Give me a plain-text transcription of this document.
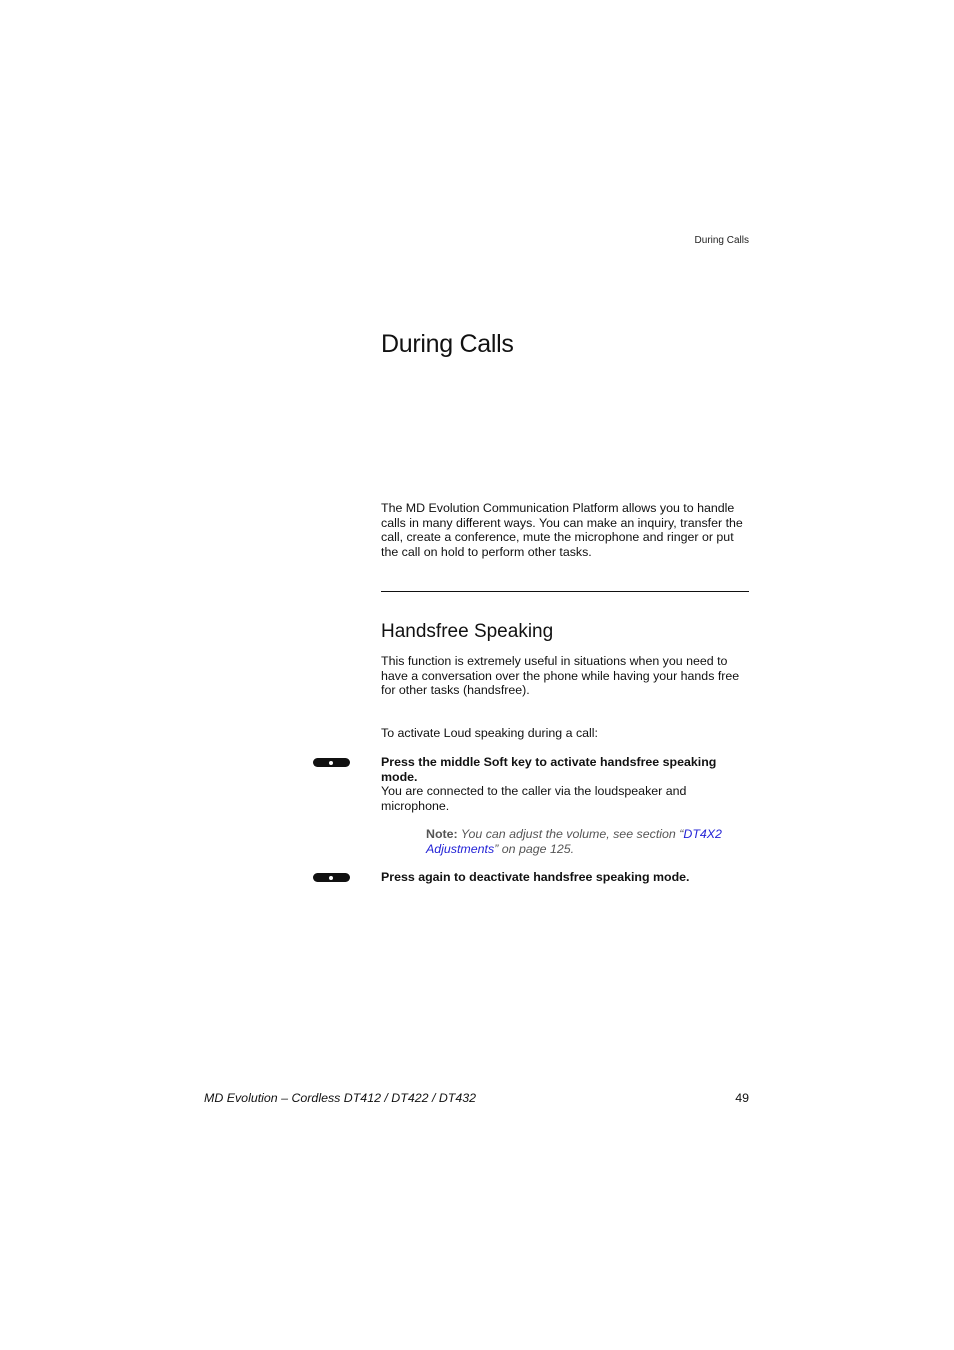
During Calls
During Calls

The MD Evolution Communication Platform allows you to handle calls in many different ways. You can make an inquiry, transfer the call, create a conference, mute the microphone and ringer or put the call on hold to perform other tasks.

Handsfree Speaking

This function is extremely useful in situations when you need to have a conversation over the phone while having your hands free for other tasks (handsfree).

To activate Loud speaking during a call:

Press the middle Soft key to activate handsfree speaking mode.
You are connected to the caller via the loudspeaker and microphone.

Note: You can adjust the volume, see section “DT4X2 Adjustments” on page 125.

Press again to deactivate handsfree speaking mode.
MD Evolution – Cordless DT412 / DT422 / DT432	49
